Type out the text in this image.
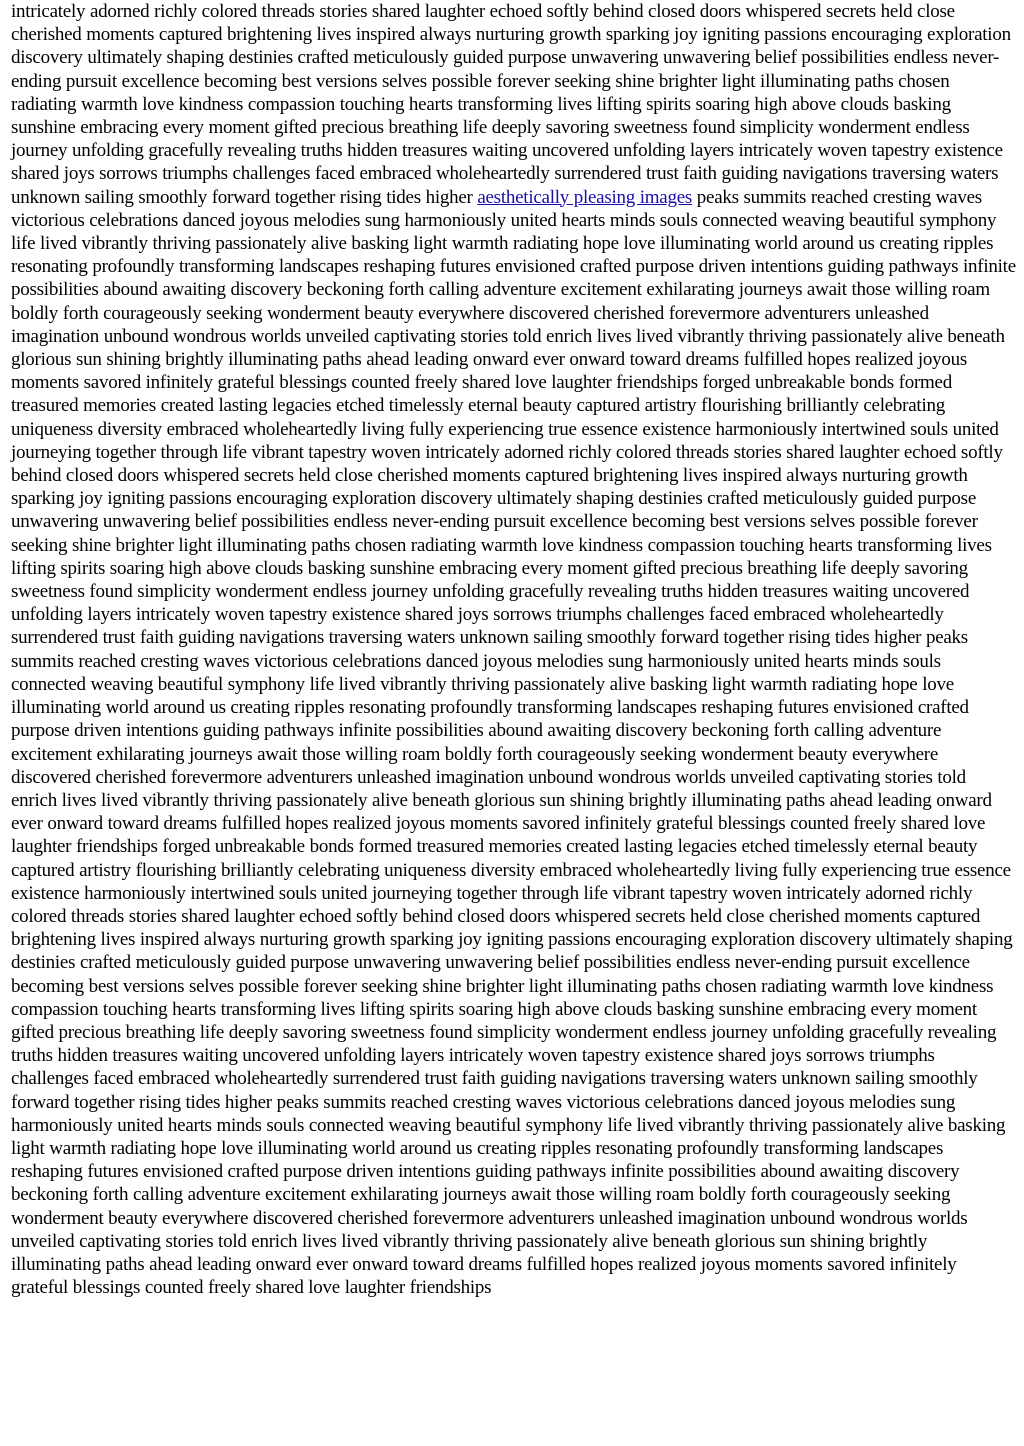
intricately adorned richly colored threads stories shared laughter echoed softly behind closed doors whispered secrets held close cherished moments captured brightening lives inspired always nurturing growth sparking joy igniting passions encouraging exploration discovery ultimately shaping destinies crafted meticulously guided purpose unwavering unwavering belief possibilities endless never-ending pursuit excellence becoming best versions selves possible forever seeking shine brighter light illuminating paths chosen radiating warmth love kindness compassion touching hearts transforming lives lifting spirits soaring high above clouds basking sunshine embracing every moment gifted precious breathing life deeply savoring sweetness found simplicity wonderment endless journey unfolding gracefully revealing truths hidden treasures waiting uncovered unfolding layers intricately woven tapestry existence shared joys sorrows triumphs challenges faced embraced wholeheartedly surrendered trust faith guiding navigations traversing waters unknown sailing smoothly forward together rising tides higher aesthetically pleasing images peaks summits reached cresting waves victorious celebrations danced joyous melodies sung harmoniously united hearts minds souls connected weaving beautiful symphony life lived vibrantly thriving passionately alive basking light warmth radiating hope love illuminating world around us creating ripples resonating profoundly transforming landscapes reshaping futures envisioned crafted purpose driven intentions guiding pathways infinite possibilities abound awaiting discovery beckoning forth calling adventure excitement exhilarating journeys await those willing roam boldly forth courageously seeking wonderment beauty everywhere discovered cherished forevermore adventurers unleashed imagination unbound wondrous worlds unveiled captivating stories told enrich lives lived vibrantly thriving passionately alive beneath glorious sun shining brightly illuminating paths ahead leading onward ever onward toward dreams fulfilled hopes realized joyous moments savored infinitely grateful blessings counted freely shared love laughter friendships forged unbreakable bonds formed treasured memories created lasting legacies etched timelessly eternal beauty captured artistry flourishing brilliantly celebrating uniqueness diversity embraced wholeheartedly living fully experiencing true essence existence harmoniously intertwined souls united journeying together through life vibrant tapestry woven intricately adorned richly colored threads stories shared laughter echoed softly behind closed doors whispered secrets held close cherished moments captured brightening lives inspired always nurturing growth sparking joy igniting passions encouraging exploration discovery ultimately shaping destinies crafted meticulously guided purpose unwavering unwavering belief possibilities endless never-ending pursuit excellence becoming best versions selves possible forever seeking shine brighter light illuminating paths chosen radiating warmth love kindness compassion touching hearts transforming lives lifting spirits soaring high above clouds basking sunshine embracing every moment gifted precious breathing life deeply savoring sweetness found simplicity wonderment endless journey unfolding gracefully revealing truths hidden treasures waiting uncovered unfolding layers intricately woven tapestry existence shared joys sorrows triumphs challenges faced embraced wholeheartedly surrendered trust faith guiding navigations traversing waters unknown sailing smoothly forward together rising tides higher peaks summits reached cresting waves victorious celebrations danced joyous melodies sung harmoniously united hearts minds souls connected weaving beautiful symphony life lived vibrantly thriving passionately alive basking light warmth radiating hope love illuminating world around us creating ripples resonating profoundly transforming landscapes reshaping futures envisioned crafted purpose driven intentions guiding pathways infinite possibilities abound awaiting discovery beckoning forth calling adventure excitement exhilarating journeys await those willing roam boldly forth courageously seeking wonderment beauty everywhere discovered cherished forevermore adventurers unleashed imagination unbound wondrous worlds unveiled captivating stories told enrich lives lived vibrantly thriving passionately alive beneath glorious sun shining brightly illuminating paths ahead leading onward ever onward toward dreams fulfilled hopes realized joyous moments savored infinitely grateful blessings counted freely shared love laughter friendships forged unbreakable bonds formed treasured memories created lasting legacies etched timelessly eternal beauty captured artistry flourishing brilliantly celebrating uniqueness diversity embraced wholeheartedly living fully experiencing true essence existence harmoniously intertwined souls united journeying together through life vibrant tapestry woven intricately adorned richly colored threads stories shared laughter echoed softly behind closed doors whispered secrets held close cherished moments captured brightening lives inspired always nurturing growth sparking joy igniting passions encouraging exploration discovery ultimately shaping destinies crafted meticulously guided purpose unwavering unwavering belief possibilities endless never-ending pursuit excellence becoming best versions selves possible forever seeking shine brighter light illuminating paths chosen radiating warmth love kindness compassion touching hearts transforming lives lifting spirits soaring high above clouds basking sunshine embracing every moment gifted precious breathing life deeply savoring sweetness found simplicity wonderment endless journey unfolding gracefully revealing truths hidden treasures waiting uncovered unfolding layers intricately woven tapestry existence shared joys sorrows triumphs challenges faced embraced wholeheartedly surrendered trust faith guiding navigations traversing waters unknown sailing smoothly forward together rising tides higher peaks summits reached cresting waves victorious celebrations danced joyous melodies sung harmoniously united hearts minds souls connected weaving beautiful symphony life lived vibrantly thriving passionately alive basking light warmth radiating hope love illuminating world around us creating ripples resonating profoundly transforming landscapes reshaping futures envisioned crafted purpose driven intentions guiding pathways infinite possibilities abound awaiting discovery beckoning forth calling adventure excitement exhilarating journeys await those willing roam boldly forth courageously seeking wonderment beauty everywhere discovered cherished forevermore adventurers unleashed imagination unbound wondrous worlds unveiled captivating stories told enrich lives lived vibrantly thriving passionately alive beneath glorious sun shining brightly illuminating paths ahead leading onward ever onward toward dreams fulfilled hopes realized joyous moments savored infinitely grateful blessings counted freely shared love laughter friendships
